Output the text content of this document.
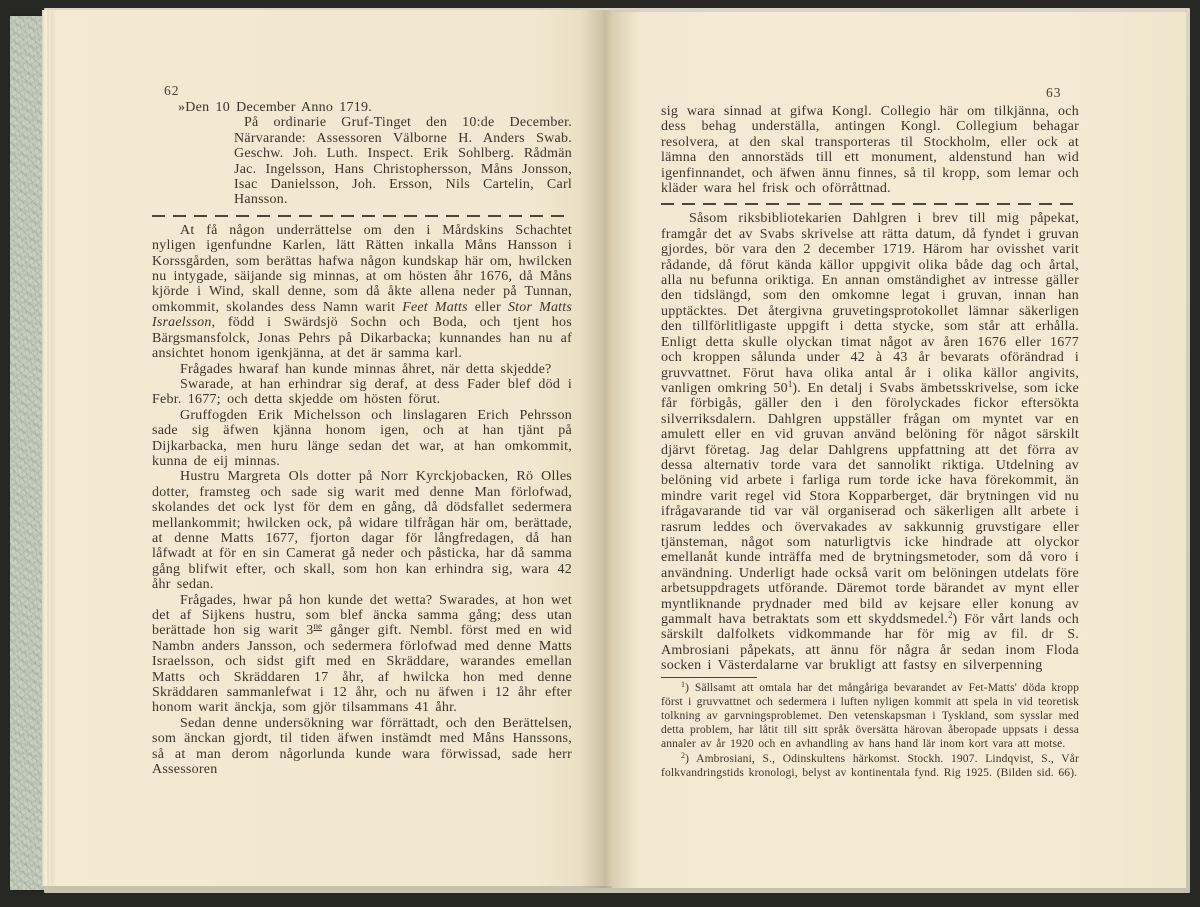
62	63

»Den 10 December Anno 1719.

På ordinarie Gruf-Tinget den 10:de December. Närvarande: Assessoren Välborne H. Anders Swab. Geschw. Joh. Luth. Inspect. Erik Sohlberg. Rådmän Jac. Ingelsson, Hans Christophersson, Måns Jonsson, Isac Danielsson, Joh. Ersson, Nils Cartelin, Carl Hansson.

At få någon underrättelse om den i Mårdskins Schachtet nyligen igenfundne Karlen, lätt Rätten inkalla Måns Hansson i Korssgården, som berättas hafwa någon kundskap här om, hwilcken nu intygade, säijande sig minnas, at om hösten åhr 1676, då Måns kjörde i Wind, skall denne, som då åkte allena neder på Tunnan, omkommit, skolandes dess Namn warit Feet Matts eller Stor Matts Israelsson, född i Swärdsjö Sochn och Boda, och tjent hos Bärgsmansfolck, Jonas Pehrs på Dikarbacka; kunnandes han nu af ansichtet honom igenkjänna, at det är samma karl.

Frågades hwaraf han kunde minnas åhret, när detta skjedde?

Swarade, at han erhindrar sig deraf, at dess Fader blef död i Febr. 1677; och detta skjedde om hösten förut.

Gruffogden Erik Michelsson och linslagaren Erich Pehrsson sade sig äfwen kjänna honom igen, och at han tjänt på Dijkarbacka, men huru länge sedan det war, at han omkommit, kunna de eij minnas.

Hustru Margreta Ols dotter på Norr Kyrckjobacken, Rö Olles dotter, framsteg och sade sig warit med denne Man förlofwad, skolandes det ock lyst för dem en gång, då dödsfallet sedermera mellankommit; hwilcken ock, på widare tilfrågan här om, berättade, at denne Matts 1677, fjorton dagar för långfredagen, då han låfwadt at för en sin Camerat gå neder och påsticka, har då samma gång blifwit efter, och skall, som hon kan erhindra sig, wara 42 åhr sedan.

Frågades, hwar på hon kunde det wetta? Swarades, at hon wet det af Sijkens hustru, som blef äncka samma gång; dess utan berättade hon sig warit $3^{ne}$ gånger gift. Nembl. först med en wid Nambn anders Jansson, och sedermera förlofwad med denne Matts Israelsson, och sidst gift med en Skräddare, warandes emellan Matts och Skräddaren 17 åhr, af hwilcka hon med denne Skräddaren sammanlefwat i 12 åhr, och nu äfwen i 12 åhr efter honom warit änckja, som gjör tilsammans 41 åhr.

Sedan denne undersökning war förrättadt, och den Berättelsen, som änckan gjordt, til tiden äfwen instämdt med Måns Hanssons, så at man derom någorlunda kunde wara förwissad, sade herr Assessoren

sig wara sinnad at gifwa Kongl. Collegio här om tilkjänna, och dess behag underställa, antingen Kongl. Collegium behagar resolvera, at den skal transporteras til Stockholm, eller ock at lämna den annorstäds till ett monument, aldenstund han wid igenfinnandet, och äfwen ännu finnes, så til kropp, som lemar och kläder wara hel frisk och oförråttnad.

Såsom riksbibliotekarien Dahlgren i brev till mig påpekat, framgår det av Svabs skrivelse att rätta datum, då fyndet i gruvan gjordes, bör vara den 2 december 1719. Härom har ovisshet varit rådande, då förut kända källor uppgivit olika både dag och årtal, alla nu befunna oriktiga. En annan omständighet av intresse gäller den tidslängd, som den omkomne legat i gruvan, innan han upptäcktes. Det återgivna gruvetingsprotokollet lämnar säkerligen den tillförlitligaste uppgift i detta stycke, som står att erhålla. Enligt detta skulle olyckan timat något av åren 1676 eller 1677 och kroppen sålunda under 42 à 43 år bevarats oförändrad i gruvvattnet. Förut hava olika antal år i olika källor angivits, vanligen omkring $50^1$). En detalj i Svabs ämbetsskrivelse, som icke får förbigås, gäller den i den förolyckades fickor eftersökta silverriksdalern. Dahlgren uppställer frågan om myntet var en amulett eller en vid gruvan använd belöning för något särskilt djärvt företag. Jag delar Dahlgrens uppfattning att det förra av dessa alternativ torde vara det sannolikt riktiga. Utdelning av belöning vid arbete i farliga rum torde icke hava förekommit, än mindre varit regel vid Stora Kopparberget, där brytningen vid nu ifrågavarande tid var väl organiserad och säkerligen allt arbete i rasrum leddes och övervakades av sakkunnig gruvstigare eller tjänsteman, något som naturligtvis icke hindrade att olyckor emellanåt kunde inträffa med de brytningsmetoder, som då voro i användning. Underligt hade också varit om belöningen utdelats före arbetsuppdragets utförande. Däremot torde bärandet av mynt eller myntliknande prydnader med bild av kejsare eller konung av gammalt hava betraktats som ett skyddsmedel.$^2$) För vårt lands och särskilt dalfolkets vidkommande har för mig av fil. dr S. Ambrosiani påpekats, att ännu för några år sedan inom Floda socken i Västerdalarne var brukligt att fastsy en silverpenning

$^1$) Sällsamt att omtala har det mångåriga bevarandet av Fet-Matts' döda kropp först i gruvvattnet och sedermera i luften nyligen kommit att spela in vid teoretisk tolkning av garvningsproblemet. Den vetenskapsman i Tyskland, som sysslar med detta problem, har låtit till sitt språk översätta härovan åberopade uppsats i dessa annaler av år 1920 och en avhandling av hans hand lär inom kort vara att motse.

$^2$) Ambrosiani, S., Odinskultens härkomst. Stockh. 1907. Lindqvist, S., Vår folkvandringstids kronologi, belyst av kontinentala fynd. Rig 1925. (Bilden sid. 66).
